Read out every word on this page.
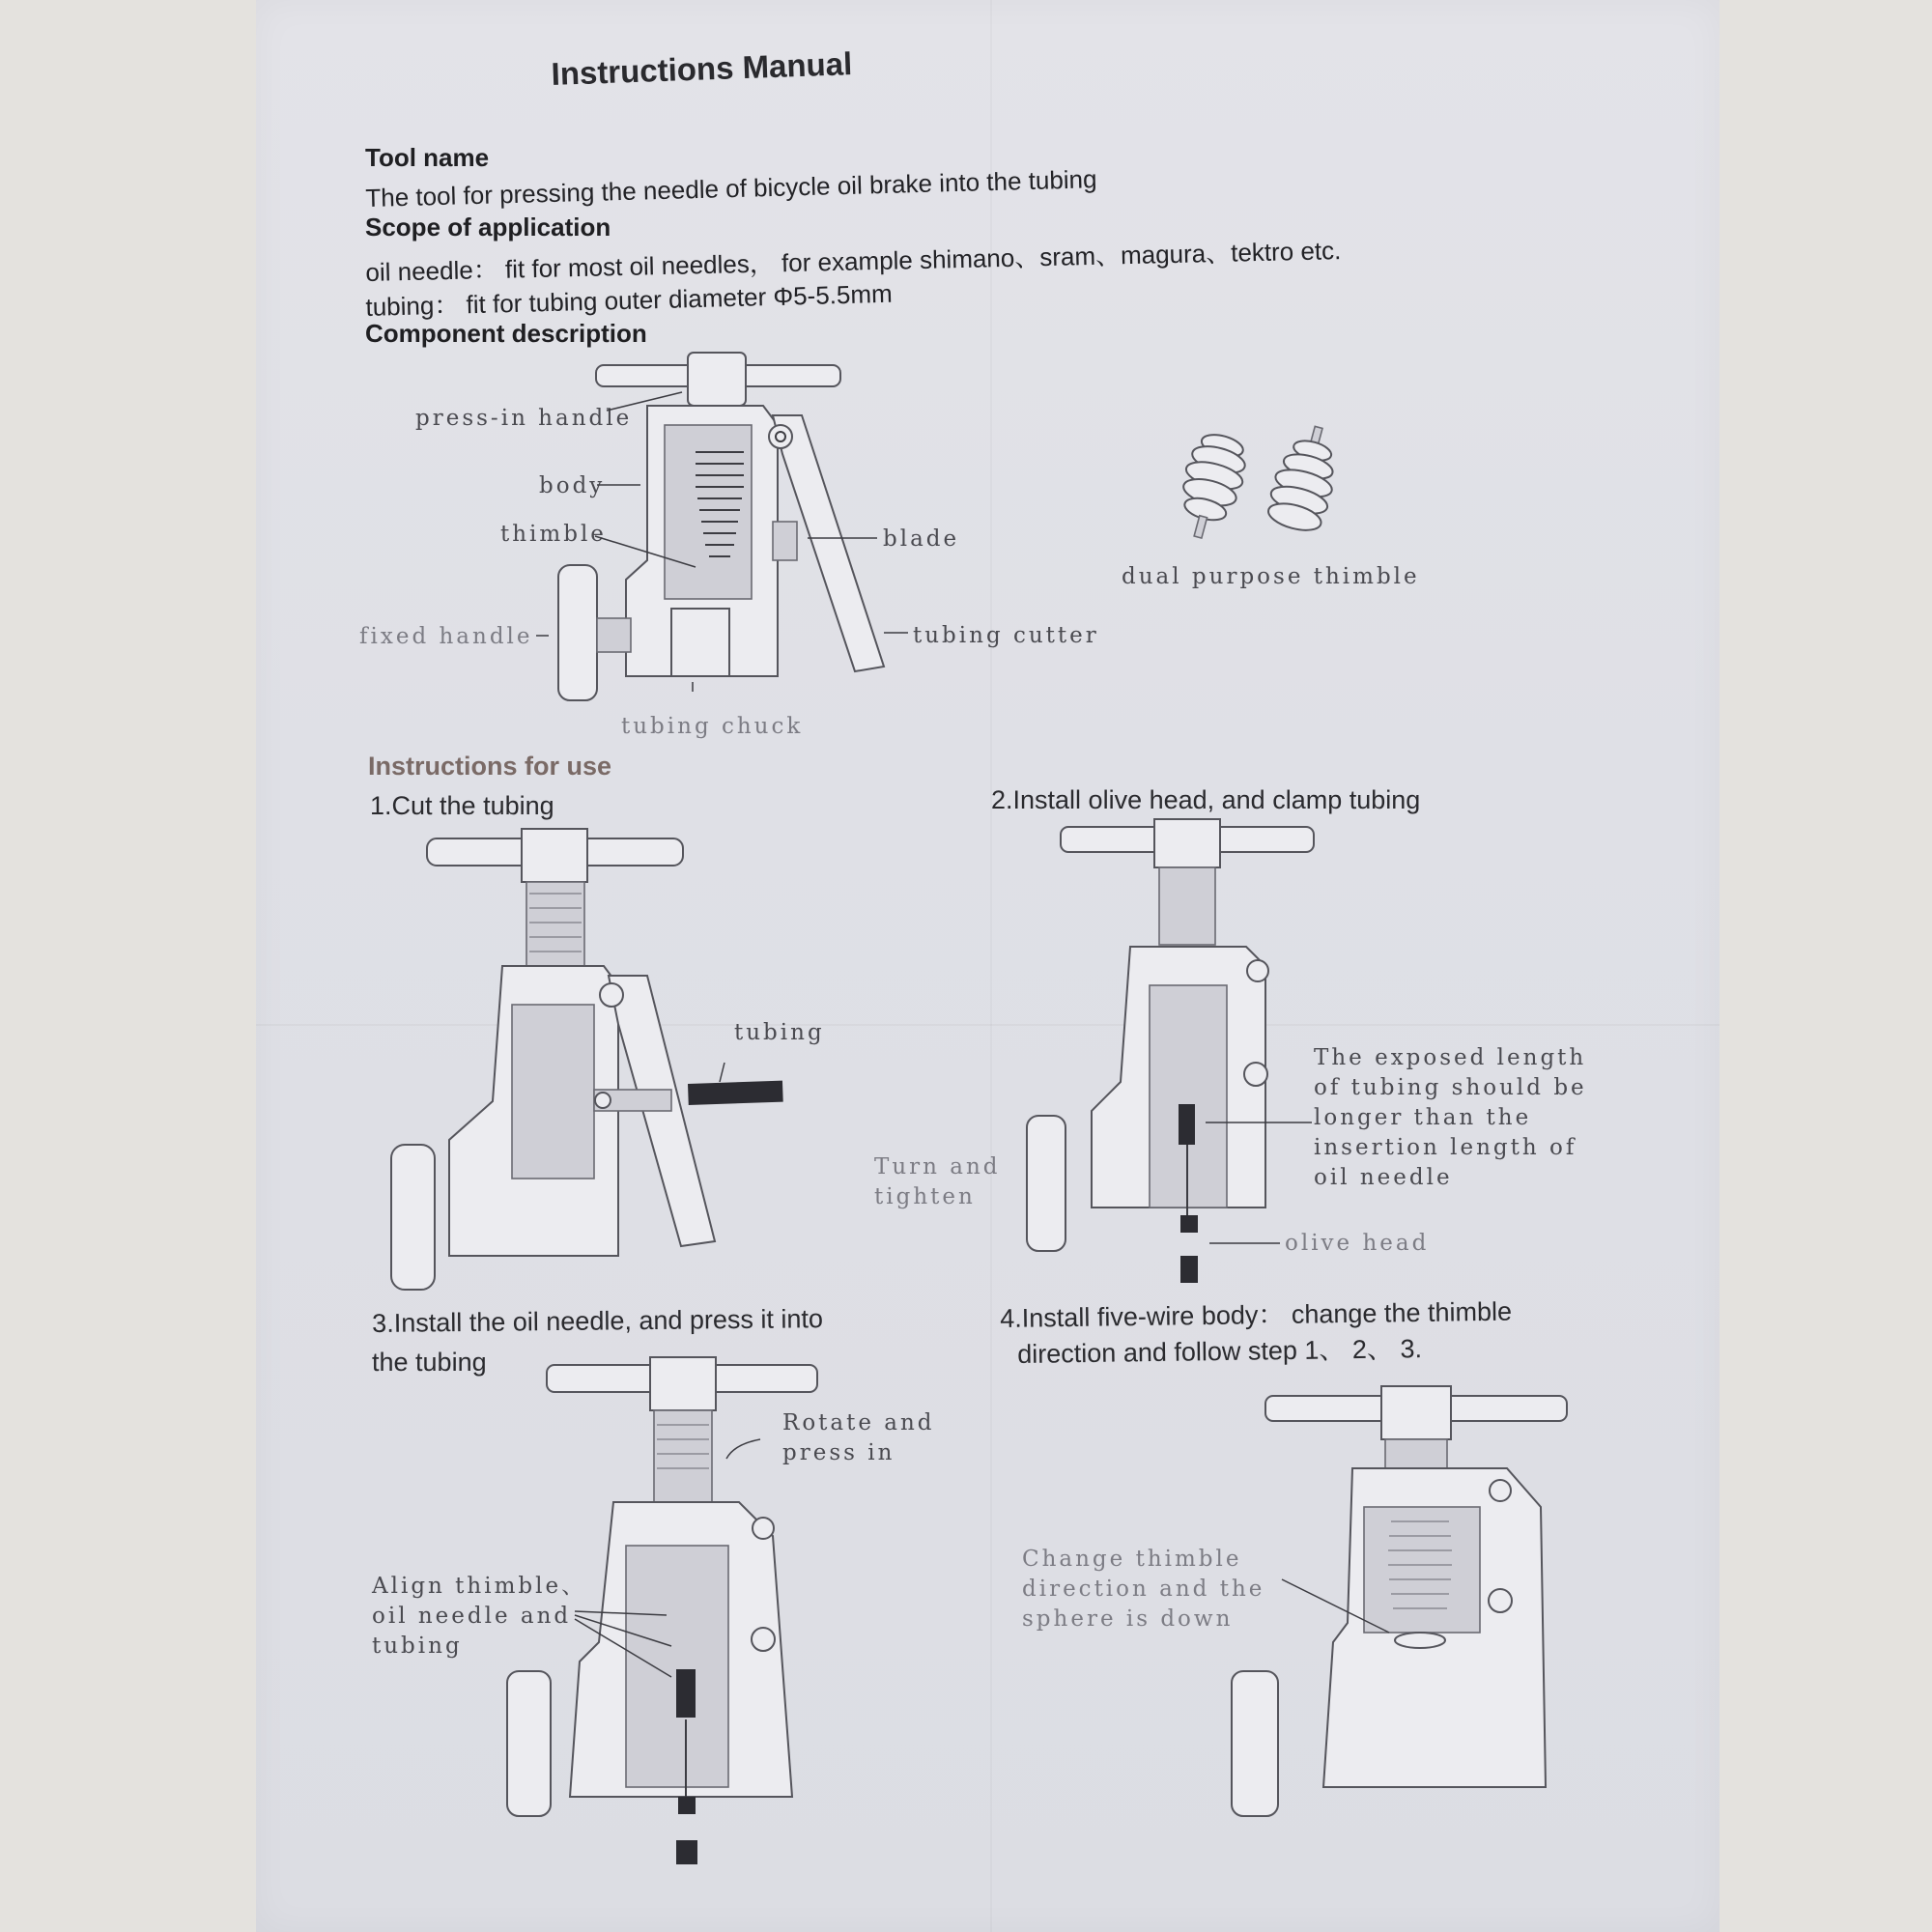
Instructions Manual
Tool name
The tool for pressing the needle of bicycle oil brake into the tubing
Scope of application
oil needle： fit for most oil needles， for example shimano、sram、magura、tektro etc.
tubing： fit for tubing outer diameter Φ5-5.5mm
Component description
press-in handle
body
thimble	blade
fixed handle	tubing cutter
tubing chuck
dual purpose thimble
Instructions for use
1.Cut the tubing	2.Install olive head, and clamp tubing
tubing
Turn and
tighten
The exposed length
of tubing should be
longer than the
insertion length of
oil needle
olive head
3.Install the oil needle, and press it into
the tubing
4.Install five-wire body： change the thimble
direction and follow step 1、 2、 3.
Rotate and
press in
Align thimble、
oil needle and
tubing
Change thimble
direction and the
sphere is down
